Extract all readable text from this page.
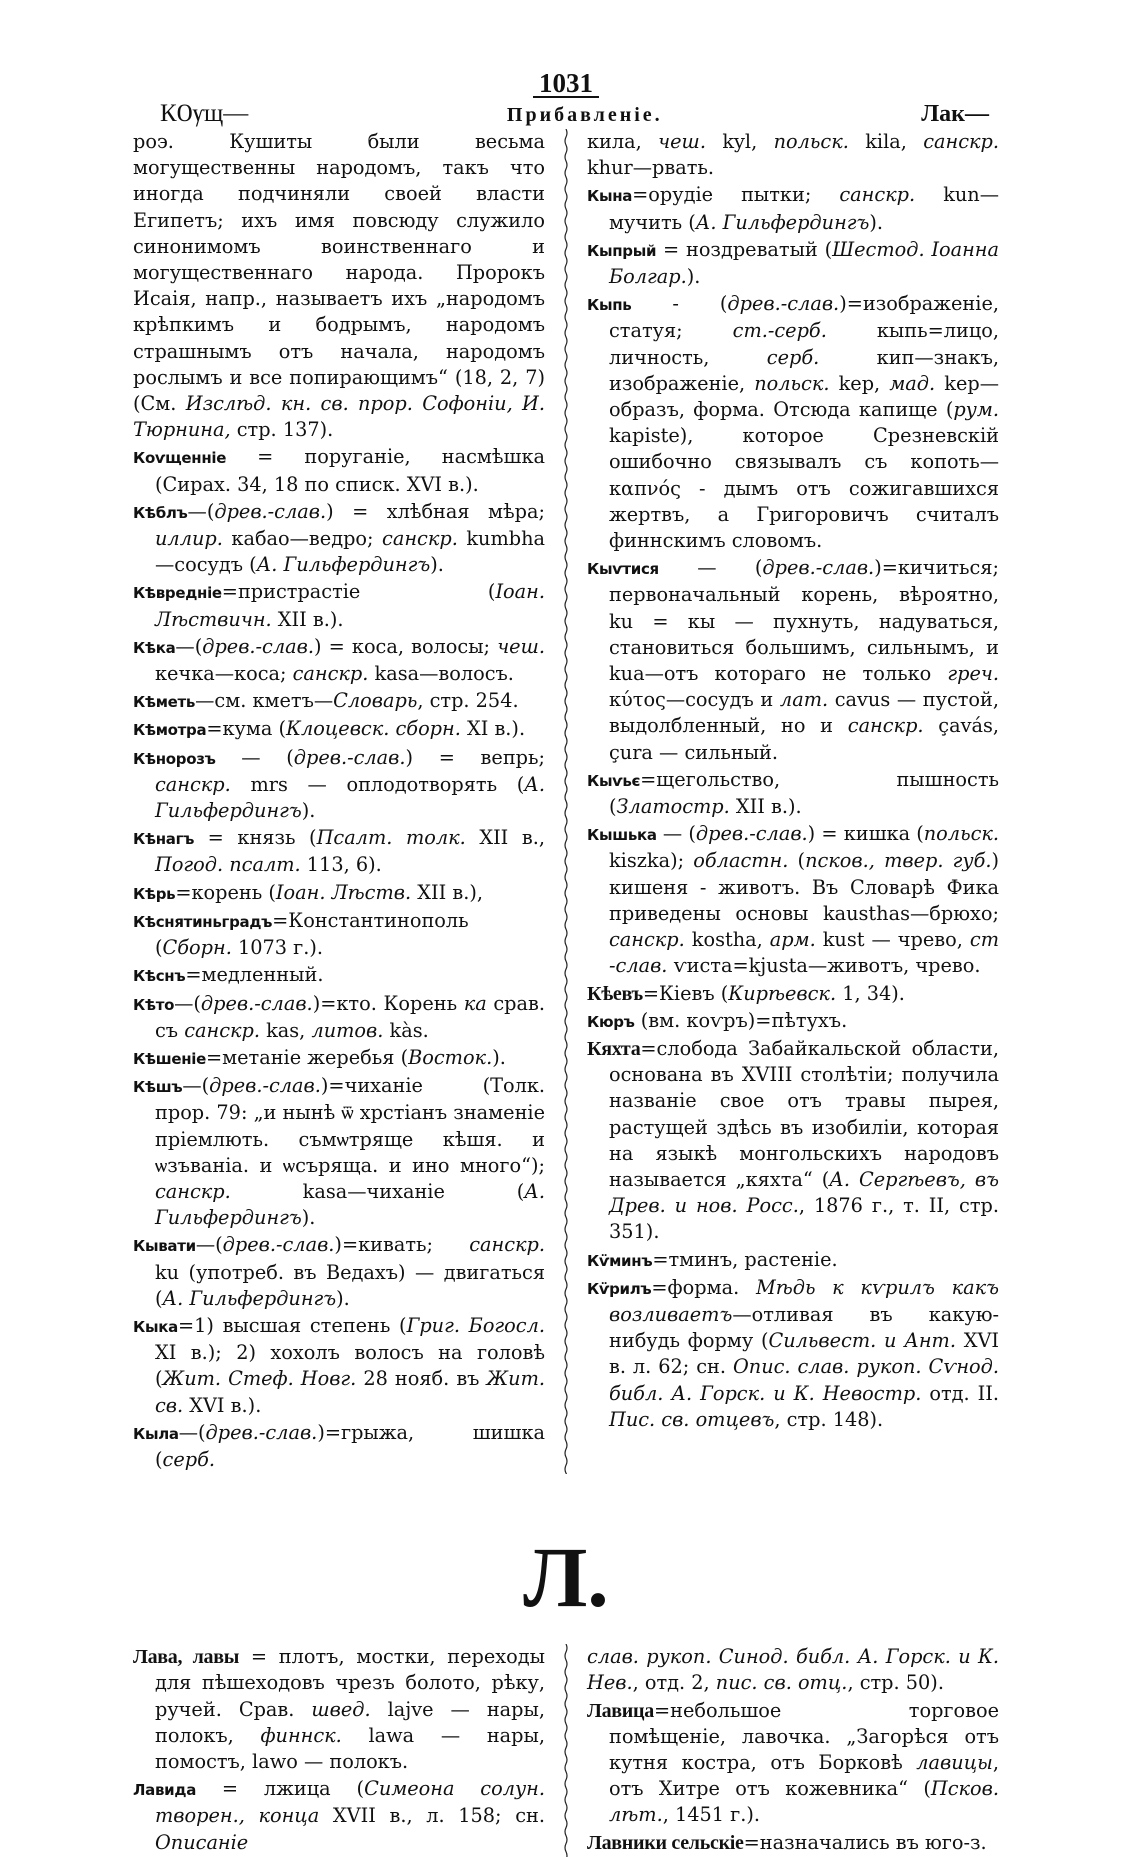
1031
КѸщ—	Прибавленіе.	Лак—
роэ. Кушиты были весьма могущественны народомъ, такъ что иногда подчиняли своей власти Египетъ; ихъ имя повсюду служило синонимомъ воинственнаго и могущественнаго народа. Пророкъ Исаія, напр., называетъ ихъ „народомъ крѣпкимъ и бодрымъ, народомъ страшнымъ отъ начала, народомъ рослымъ и все попирающимъ“ (18, 2, 7) (См. Изслѣд. кн. св. прор. Софоніи, И. Тюрнина, стр. 137).
Коѵщенніе = поруганіе, насмѣшка (Сирах. 34, 18 по списк. XVI в.).
Кѣблъ—(древ.-слав.) = хлѣбная мѣра; иллир. кабао—ведро; санскр. kumbha—сосудъ (А. Гильфердингъ).
Кѣвредніе=пристрастіе (Іоан. Лѣствичн. XII в.).
Кѣка—(древ.-слав.) = коса, волосы; чеш. кечка—коса; санскр. kasa—волосъ.
Кѣметь—см. кметъ—Словарь, стр. 254.
Кѣмотра=кума (Клоцевск. сборн. XI в.).
Кѣнорозъ — (древ.-слав.) = вепрь; санскр. mrs — оплодотворять (А. Гильфердингъ).
Кѣнагъ = князь (Псалт. толк. XII в., Погод. псалт. 113, 6).
Кѣрь=корень (Іоан. Лѣств. XII в.),
Кѣснятиньградъ=Константинополь (Сборн. 1073 г.).
Кѣснъ=медленный.
Кѣто—(древ.-слав.)=кто. Корень ка срав. съ санскр. kas, литов. kàs.
Кѣшеніе=метаніе жеребья (Восток.).
Кѣшъ—(древ.-слав.)=чиханіе (Толк. прор. 79: „и нынѣ ѿ хрстіанъ знаменіе пріемлють. съмѡтряще кѣшя. и ѡзъваніа. и ѡсъряща. и ино много“); санскр. kasa—чиханіе (А. Гильфердингъ).
Кывати—(древ.-слав.)=кивать; санскр. ku (употреб. въ Ведахъ) — двигаться (А. Гильфердингъ).
Кыка=1) высшая степень (Григ. Богосл. XI в.); 2) хохолъ волосъ на головѣ (Жит. Стеф. Новг. 28 нояб. въ Жит. св. XVI в.).
Кыла—(древ.-слав.)=грыжа, шишка (серб.
кила, чеш. kyl, польск. kila, санскр. khur—рвать.
Кына=орудіе пытки; санскр. kun—мучить (А. Гильфердингъ).
Кыпрый = ноздреватый (Шестод. Іоанна Болгар.).
Кыпь - (древ.-слав.)=изображеніе, статуя; ст.-серб. кыпь=лицо, личность, серб. кип—знакъ, изображеніе, польск. kep, мад. kep—образъ, форма. Отсюда капище (рум. kapiste), которое Срезневскій ошибочно связывалъ съ копоть—καπνός - дымъ отъ сожигавшихся жертвъ, а Григоровичъ считалъ финнскимъ словомъ.
Кыѵтися — (древ.-слав.)=кичиться; первоначальный корень, вѣроятно, ku = кы — пухнуть, надуваться, становиться большимъ, сильнымъ, и kua—отъ котораго не только греч. κύτος—сосудъ и лат. cavus — пустой, выдолбленный, но и санскр. çavás, çura — сильный.
Кыѵьє=щегольство, пышность (Златостр. XII в.).
Кышька — (древ.-слав.) = кишка (польск. kiszka); областн. (псков., твер. губ.) кишеня - животъ. Въ Словарѣ Фика приведены основы kausthas—брюхо; санскр. kostha, арм. kust — чрево, ст -слав. ѵиста=kjusta—животъ, чрево.
Кѣевъ=Кіевъ (Кирѣевск. 1, 34).
Кюръ (вм. коѵръ)=пѣтухъ.
Кяхта=слобода Забайкальской области, основана въ XVIII столѣтіи; получила названіе свое отъ травы пырея, растущей здѣсь въ изобиліи, которая на языкѣ монгольскихъ народовъ называется „кяхта“ (А. Сергѣевъ, въ Древ. и нов. Росс., 1876 г., т. II, стр. 351).
Кѵ̈минъ=тминъ, растеніе.
Кѵ̈рилъ=форма. Мѣдь к кѵрилъ какъ возливаетъ—отливая въ какую-нибудь форму (Сильвест. и Ант. XVI в. л. 62; сн. Опис. слав. рукоп. Сѵнод. библ. А. Горск. и К. Невостр. отд. II. Пис. св. отцевъ, стр. 148).
Л.
Лава, лавы = плотъ, мостки, переходы для пѣшеходовъ чрезъ болото, рѣку, ручей. Срав. швед. lajve — нары, полокъ, финнск. lawa — нары, помостъ, lawo — полокъ.
Лавида = лжица (Симеона солун. творен., конца XVII в., л. 158; сн. Описаніе
слав. рукоп. Синод. библ. А. Горск. и К. Нев., отд. 2, пис. св. отц., стр. 50).
Лавица=небольшое торговое помѣщеніе, лавочка. „Загорѣся отъ кутня костра, отъ Борковѣ лавицы, отъ Хитре отъ кожевника“ (Псков. лѣт., 1451 г.).
Лавники сельскіе=назначались въ юго-з.
